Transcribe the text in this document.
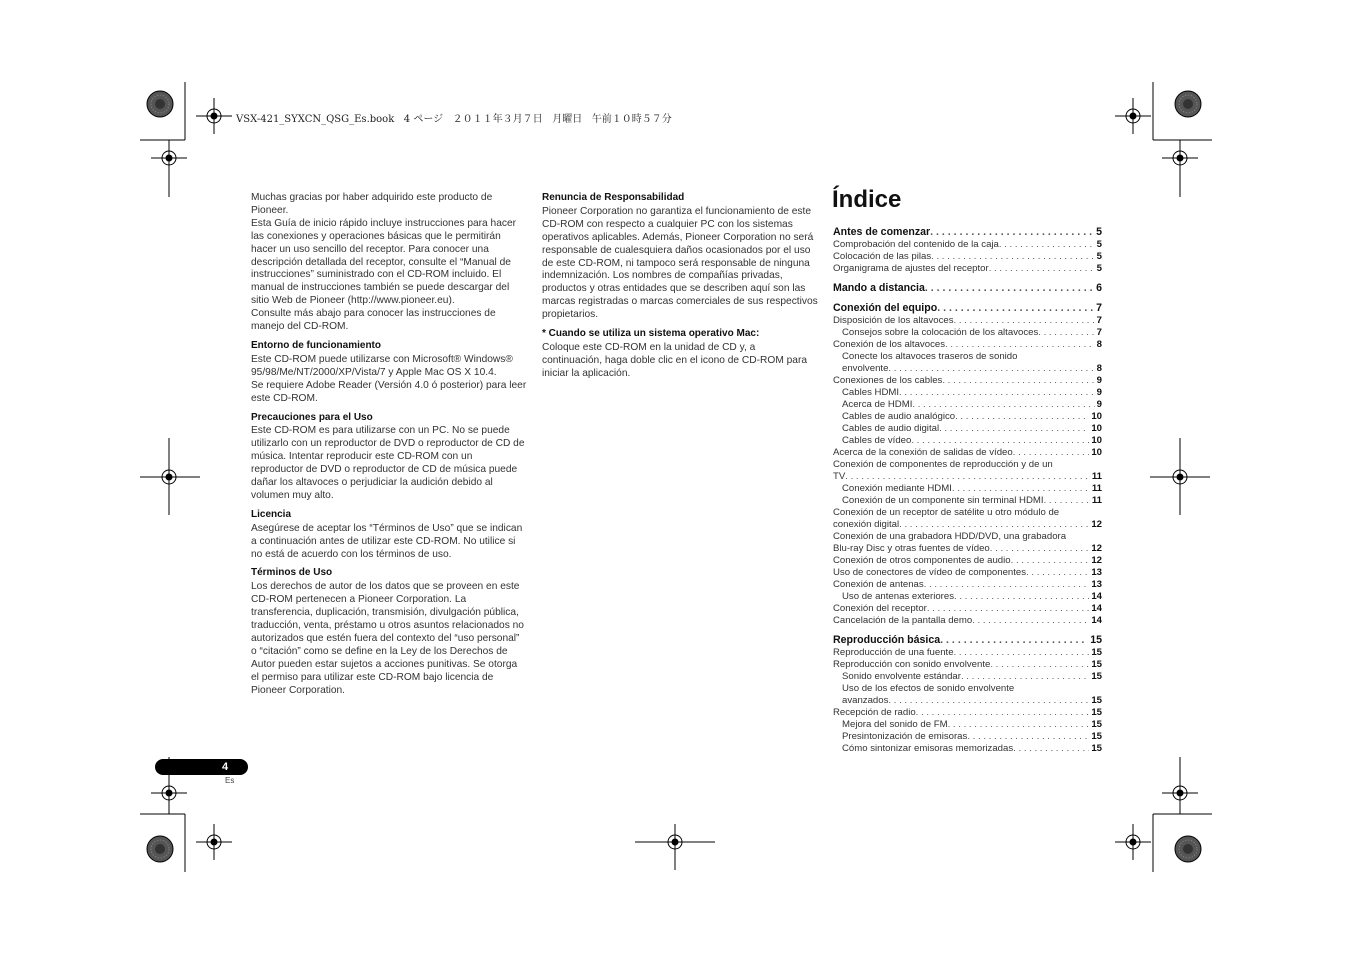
VSX-421_SYXCN_QSG_Es.book   4 ページ   ２０１１年３月７日   月曜日   午前１０時５７分

Muchas gracias por haber adquirido este producto de Pioneer.

Esta Guía de inicio rápido incluye instrucciones para hacer las conexiones y operaciones básicas que le permitirán hacer un uso sencillo del receptor. Para conocer una descripción detallada del receptor, consulte el “Manual de instrucciones” suministrado con el CD-ROM incluido. El manual de instrucciones también se puede descargar del sitio Web de Pioneer (http://www.pioneer.eu).

Consulte más abajo para conocer las instrucciones de manejo del CD-ROM.

Entorno de funcionamiento

Este CD-ROM puede utilizarse con Microsoft® Windows® 95/98/Me/NT/2000/XP/Vista/7 y Apple Mac OS X 10.4.

Se requiere Adobe Reader (Versión 4.0 ó posterior) para leer este CD-ROM.

Precauciones para el Uso

Este CD-ROM es para utilizarse con un PC. No se puede utilizarlo con un reproductor de DVD o reproductor de CD de música. Intentar reproducir este CD-ROM con un reproductor de DVD o reproductor de CD de música puede dañar los altavoces o perjudiciar la audición debido al volumen muy alto.

Licencia

Asegúrese de aceptar los “Términos de Uso” que se indican a continuación antes de utilizar este CD-ROM. No utilice si no está de acuerdo con los términos de uso.

Términos de Uso

Los derechos de autor de los datos que se proveen en este CD-ROM pertenecen a Pioneer Corporation. La transferencia, duplicación, transmisión, divulgación pública, traducción, venta, préstamo u otros asuntos relacionados no autorizados que estén fuera del contexto del “uso personal” o “citación” como se define en la Ley de los Derechos de Autor pueden estar sujetos a acciones punitivas. Se otorga el permiso para utilizar este CD-ROM bajo licencia de Pioneer Corporation.

Renuncia de Responsabilidad

Pioneer Corporation no garantiza el funcionamiento de este CD-ROM con respecto a cualquier PC con los sistemas operativos aplicables. Además, Pioneer Corporation no será responsable de cualesquiera daños ocasionados por el uso de este CD-ROM, ni tampoco será responsable de ninguna indemnización. Los nombres de compañías privadas, productos y otras entidades que se describen aquí son las marcas registradas o marcas comerciales de sus respectivos propietarios.

* Cuando se utiliza un sistema operativo Mac:

Coloque este CD-ROM en la unidad de CD y, a continuación, haga doble clic en el icono de CD-ROM para iniciar la aplicación.

Índice
Antes de comenzar . . .	5
Comprobación del contenido de la caja . . .	5
Colocación de las pilas . . .	5
Organigrama de ajustes del receptor . . .	5
Mando a distancia . . .	6
Conexión del equipo . . .	7
Disposición de los altavoces . . .	7
Consejos sobre la colocación de los altavoces . . .	7
Conexión de los altavoces . . .	8
Conecte los altavoces traseros de sonido
envolvente . . .	8
Conexiones de los cables . . .	9
Cables HDMI . . .	9
Acerca de HDMI . . .	9
Cables de audio analógico . . .	10
Cables de audio digital . . .	10
Cables de vídeo . . .	10
Acerca de la conexión de salidas de vídeo . . .	10
Conexión de componentes de reproducción y de un
TV . . .	11
Conexión mediante HDMI . . .	11
Conexión de un componente sin terminal HDMI . . .	11
Conexión de un receptor de satélite u otro módulo de
conexión digital . . .	12
Conexión de una grabadora HDD/DVD, una grabadora
Blu-ray Disc y otras fuentes de vídeo . . .	12
Conexión de otros componentes de audio . . .	12
Uso de conectores de vídeo de componentes . . .	13
Conexión de antenas . . .	13
Uso de antenas exteriores . . .	14
Conexión del receptor . . .	14
Cancelación de la pantalla demo . . .	14
Reproducción básica . . .	15
Reproducción de una fuente . . .	15
Reproducción con sonido envolvente . . .	15
Sonido envolvente estándar . . .	15
Uso de los efectos de sonido envolvente
avanzados . . .	15
Recepción de radio . . .	15
Mejora del sonido de FM . . .	15
Presintonización de emisoras . . .	15
Cómo sintonizar emisoras memorizadas . . .	15
4
Es
